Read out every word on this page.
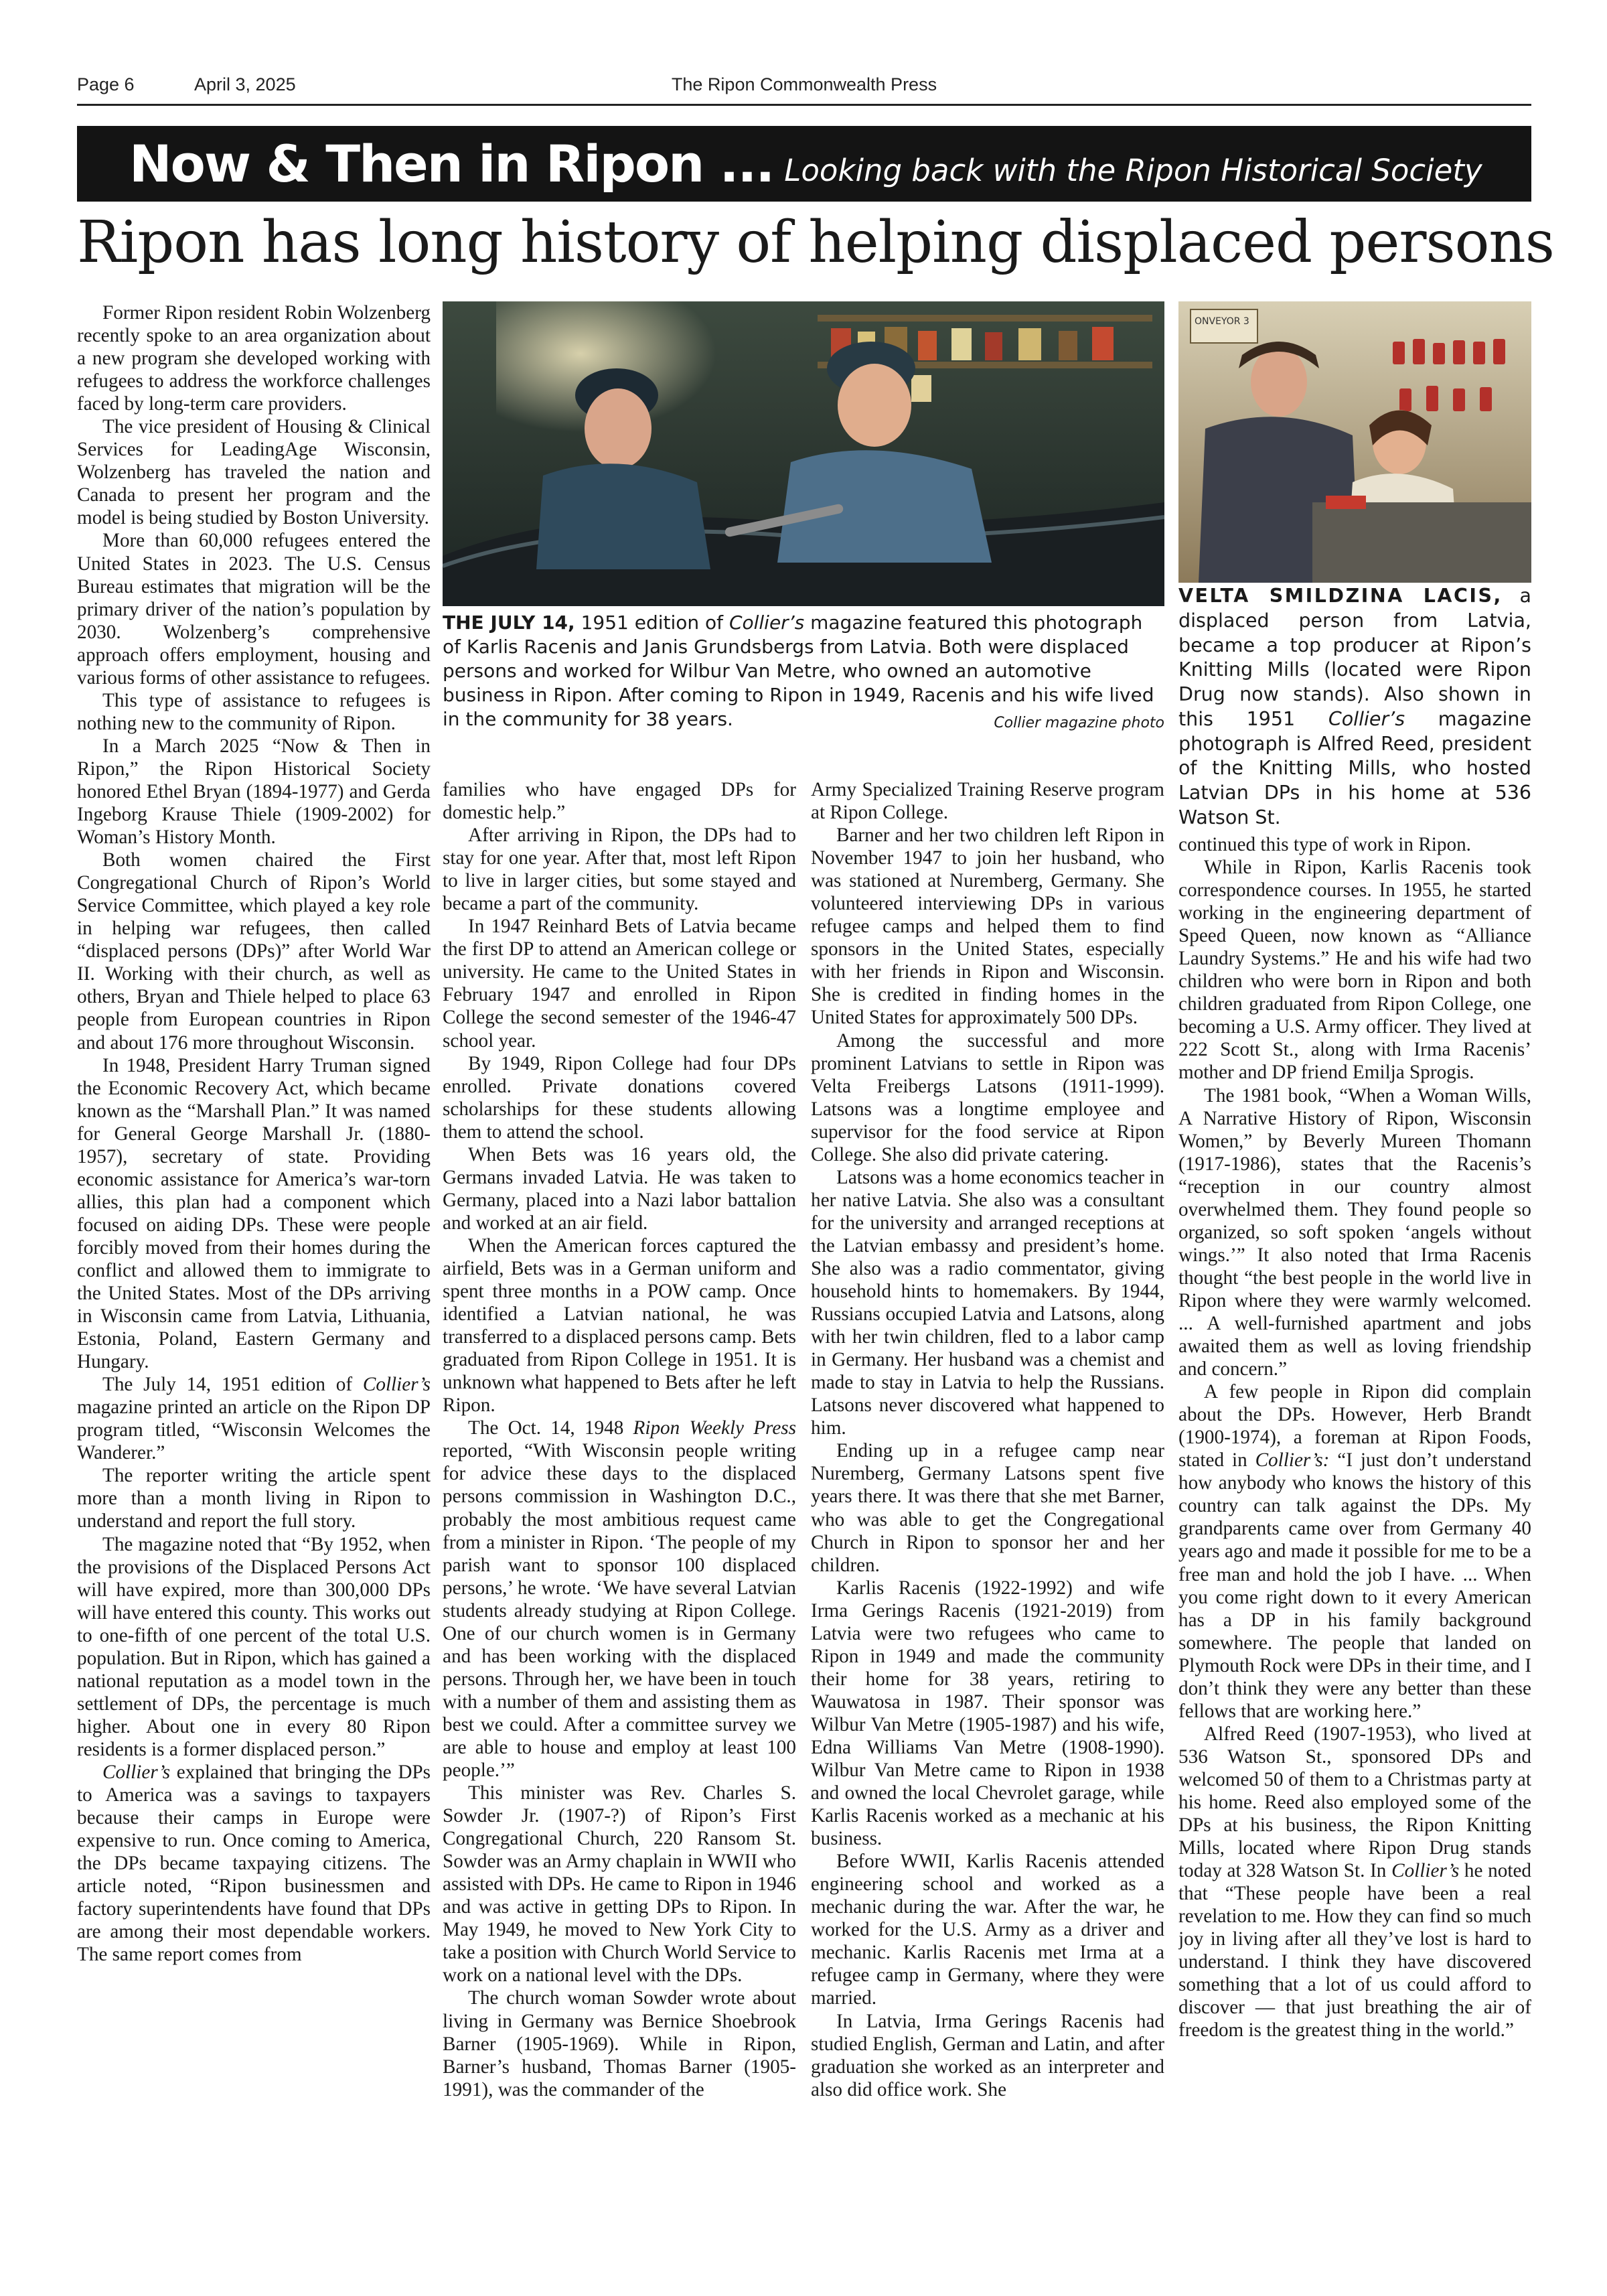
Page 6	April 3, 2025	The Ripon Commonwealth Press
Now & Then in Ripon ... Looking back with the Ripon Historical Society
Ripon has long history of helping displaced persons
THE JULY 14, 1951 edition of Collier’s magazine featured this photograph of Karlis Racenis and Janis Grundsbergs from Latvia. Both were displaced persons and worked for Wilbur Van Metre, who owned an automotive business in Ripon. After coming to Ripon in 1949, Racenis and his wife lived in the community for 38 years.	Collier magazine photo
ONVEYOR 3
VELTA SMILDZINA LACIS, a displaced person from Latvia, became a top producer at Ripon’s Knitting Mills (located were Ripon Drug now stands). Also shown in this 1951 Collier’s magazine photograph is Alfred Reed, president of the Knitting Mills, who hosted Latvian DPs in his home at 536 Watson St.

Former Ripon resident Robin Wolzenberg recently spoke to an area organization about a new program she developed working with refugees to address the workforce challenges faced by long-term care providers.

The vice president of Housing & Clinical Services for LeadingAge Wisconsin, Wolzenberg has traveled the nation and Canada to present her program and the model is being studied by Boston University.

More than 60,000 refugees entered the United States in 2023. The U.S. Census Bureau estimates that migration will be the primary driver of the nation’s population by 2030. Wolzenberg’s comprehensive approach offers employment, housing and various forms of other assistance to refugees.

This type of assistance to refugees is nothing new to the community of Ripon.

In a March 2025 “Now & Then in Ripon,” the Ripon Historical Society honored Ethel Bryan (1894-1977) and Gerda Ingeborg Krause Thiele (1909-2002) for Woman’s History Month.

Both women chaired the First Congregational Church of Ripon’s World Service Committee, which played a key role in helping war refugees, then called “displaced persons (DPs)” after World War II. Working with their church, as well as others, Bryan and Thiele helped to place 63 people from European countries in Ripon and about 176 more throughout Wisconsin.

In 1948, President Harry Truman signed the Economic Recovery Act, which became known as the “Marshall Plan.” It was named for General George Marshall Jr. (1880-1957), secretary of state. Providing economic assistance for America’s war-torn allies, this plan had a component which focused on aiding DPs. These were people forcibly moved from their homes during the conflict and allowed them to immigrate to the United States. Most of the DPs arriving in Wisconsin came from Latvia, Lithuania, Estonia, Poland, Eastern Germany and Hungary.

The July 14, 1951 edition of Collier’s magazine printed an article on the Ripon DP program titled, “Wisconsin Welcomes the Wanderer.”

The reporter writing the article spent more than a month living in Ripon to understand and report the full story.

The magazine noted that “By 1952, when the provisions of the Displaced Persons Act will have expired, more than 300,000 DPs will have entered this county. This works out to one-fifth of one percent of the total U.S. population. But in Ripon, which has gained a national reputation as a model town in the settlement of DPs, the percentage is much higher. About one in every 80 Ripon residents is a former displaced person.”

Collier’s explained that bringing the DPs to America was a savings to taxpayers because their camps in Europe were expensive to run. Once coming to America, the DPs became taxpaying citizens. The article noted, “Ripon businessmen and factory superintendents have found that DPs are among their most dependable workers. The same report comes from

families who have engaged DPs for domestic help.”

After arriving in Ripon, the DPs had to stay for one year. After that, most left Ripon to live in larger cities, but some stayed and became a part of the community.

In 1947 Reinhard Bets of Latvia became the first DP to attend an American college or university. He came to the United States in February 1947 and enrolled in Ripon College the second semester of the 1946-47 school year.

By 1949, Ripon College had four DPs enrolled. Private donations covered scholarships for these students allowing them to attend the school.

When Bets was 16 years old, the Germans invaded Latvia. He was taken to Germany, placed into a Nazi labor battalion and worked at an air field.

When the American forces captured the airfield, Bets was in a German uniform and spent three months in a POW camp. Once identified a Latvian national, he was transferred to a displaced persons camp. Bets graduated from Ripon College in 1951. It is unknown what happened to Bets after he left Ripon.

The Oct. 14, 1948 Ripon Weekly Press reported, “With Wisconsin people writing for advice these days to the displaced persons commission in Washington D.C., probably the most ambitious request came from a minister in Ripon. ‘The people of my parish want to sponsor 100 displaced persons,’ he wrote. ‘We have several Latvian students already studying at Ripon College. One of our church women is in Germany and has been working with the displaced persons. Through her, we have been in touch with a number of them and assisting them as best we could. After a committee survey we are able to house and employ at least 100 people.’”

This minister was Rev. Charles S. Sowder Jr. (1907-?) of Ripon’s First Congregational Church, 220 Ransom St. Sowder was an Army chaplain in WWII who assisted with DPs. He came to Ripon in 1946 and was active in getting DPs to Ripon. In May 1949, he moved to New York City to take a position with Church World Service to work on a national level with the DPs.

The church woman Sowder wrote about living in Germany was Bernice Shoebrook Barner (1905-1969). While in Ripon, Barner’s husband, Thomas Barner (1905-1991), was the commander of the

Army Specialized Training Reserve program at Ripon College.

Barner and her two children left Ripon in November 1947 to join her husband, who was stationed at Nuremberg, Germany. She volunteered interviewing DPs in various refugee camps and helped them to find sponsors in the United States, especially with her friends in Ripon and Wisconsin. She is credited in finding homes in the United States for approximately 500 DPs.

Among the successful and more prominent Latvians to settle in Ripon was Velta Freibergs Latsons (1911-1999). Latsons was a longtime employee and supervisor for the food service at Ripon College. She also did private catering.

Latsons was a home economics teacher in her native Latvia. She also was a consultant for the university and arranged receptions at the Latvian embassy and president’s home. She also was a radio commentator, giving household hints to homemakers. By 1944, Russians occupied Latvia and Latsons, along with her twin children, fled to a labor camp in Germany. Her husband was a chemist and made to stay in Latvia to help the Russians. Latsons never discovered what happened to him.

Ending up in a refugee camp near Nuremberg, Germany Latsons spent five years there. It was there that she met Barner, who was able to get the Congregational Church in Ripon to sponsor her and her children.

Karlis Racenis (1922-1992) and wife Irma Gerings Racenis (1921-2019) from Latvia were two refugees who came to Ripon in 1949 and made the community their home for 38 years, retiring to Wauwatosa in 1987. Their sponsor was Wilbur Van Metre (1905-1987) and his wife, Edna Williams Van Metre (1908-1990). Wilbur Van Metre came to Ripon in 1938 and owned the local Chevrolet garage, while Karlis Racenis worked as a mechanic at his business.

Before WWII, Karlis Racenis attended engineering school and worked as a mechanic during the war. After the war, he worked for the U.S. Army as a driver and mechanic. Karlis Racenis met Irma at a refugee camp in Germany, where they were married.

In Latvia, Irma Gerings Racenis had studied English, German and Latin, and after graduation she worked as an interpreter and also did office work. She

continued this type of work in Ripon.

While in Ripon, Karlis Racenis took correspondence courses. In 1955, he started working in the engineering department of Speed Queen, now known as “Alliance Laundry Systems.” He and his wife had two children who were born in Ripon and both children graduated from Ripon College, one becoming a U.S. Army officer. They lived at 222 Scott St., along with Irma Racenis’ mother and DP friend Emilja Sprogis.

The 1981 book, “When a Woman Wills, A Narrative History of Ripon, Wisconsin Women,” by Beverly Mureen Thomann (1917-1986), states that the Racenis’s “reception in our country almost overwhelmed them. They found people so organized, so soft spoken ‘angels without wings.’” It also noted that Irma Racenis thought “the best people in the world live in Ripon where they were warmly welcomed. ... A well-furnished apartment and jobs awaited them as well as loving friendship and concern.”

A few people in Ripon did complain about the DPs. However, Herb Brandt (1900-1974), a foreman at Ripon Foods, stated in Collier’s: “I just don’t understand how anybody who knows the history of this country can talk against the DPs. My grandparents came over from Germany 40 years ago and made it possible for me to be a free man and hold the job I have. ... When you come right down to it every American has a DP in his family background somewhere. The people that landed on Plymouth Rock were DPs in their time, and I don’t think they were any better than these fellows that are working here.”

Alfred Reed (1907-1953), who lived at 536 Watson St., sponsored DPs and welcomed 50 of them to a Christmas party at his home. Reed also employed some of the DPs at his business, the Ripon Knitting Mills, located where Ripon Drug stands today at 328 Watson St. In Collier’s he noted that “These people have been a real revelation to me. How they can find so much joy in living after all they’ve lost is hard to understand. I think they have discovered something that a lot of us could afford to discover — that just breathing the air of freedom is the greatest thing in the world.”
